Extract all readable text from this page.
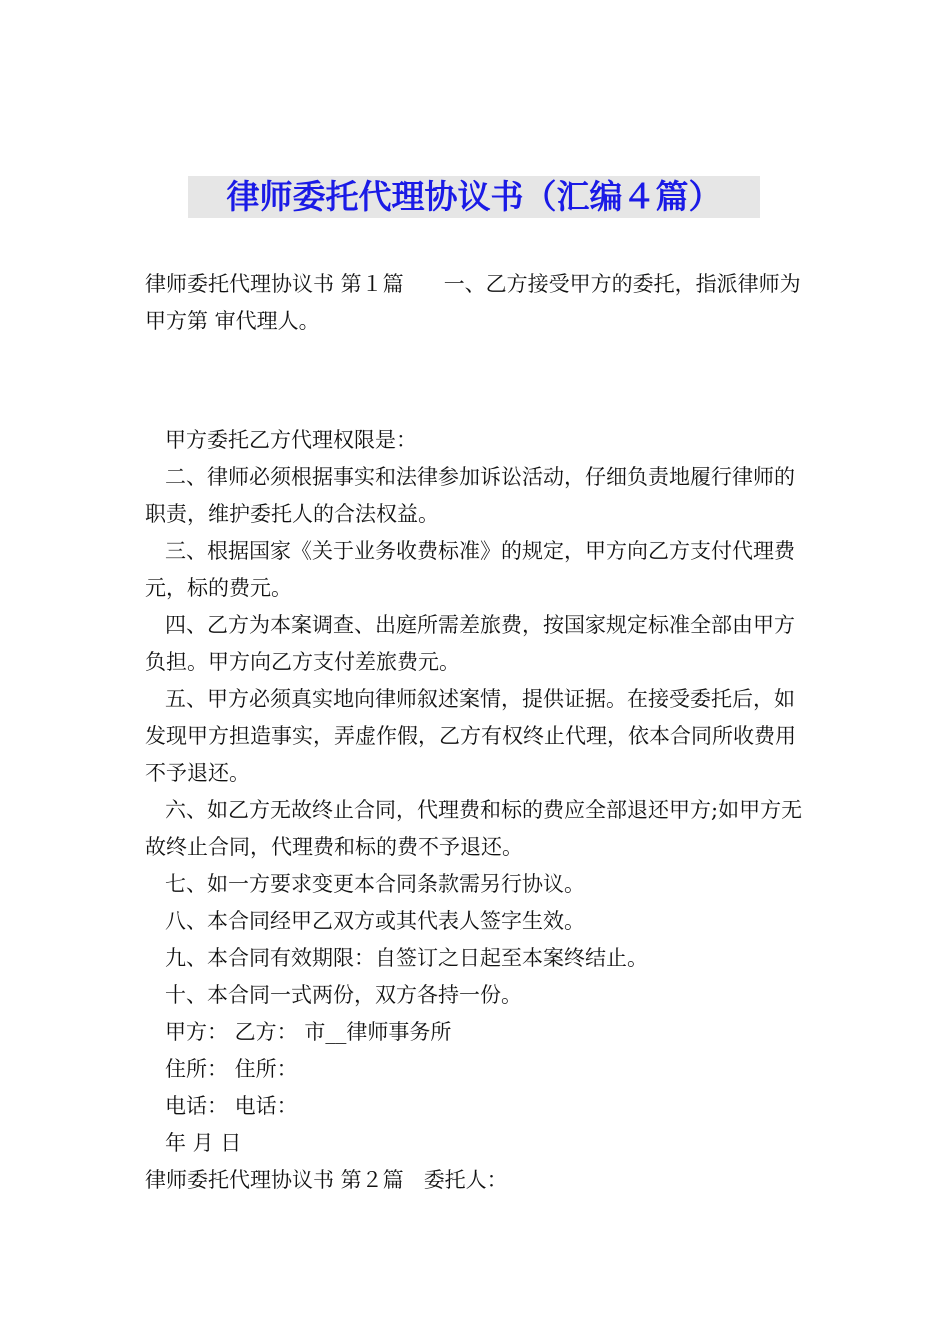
律师委托代理协议书（汇编４篇）

律师委托代理协议书 第１篇 一、乙方接受甲方的委托，指派律师为甲方第 审代理人。

甲方委托乙方代理权限是：

二、律师必须根据事实和法律参加诉讼活动，仔细负责地履行律师的职责，维护委托人的合法权益。

三、根据国家《关于业务收费标准》的规定，甲方向乙方支付代理费元，标的费元。

四、乙方为本案调查、出庭所需差旅费，按国家规定标准全部由甲方负担。甲方向乙方支付差旅费元。

五、甲方必须真实地向律师叙述案情，提供证据。在接受委托后，如发现甲方担造事实，弄虚作假，乙方有权终止代理，依本合同所收费用不予退还。

六、如乙方无故终止合同，代理费和标的费应全部退还甲方;如甲方无故终止合同，代理费和标的费不予退还。

七、如一方要求变更本合同条款需另行协议。

八、本合同经甲乙双方或其代表人签字生效。

九、本合同有效期限：自签订之日起至本案终结止。

十、本合同一式两份，双方各持一份。

甲方： 乙方： 市__律师事务所

住所： 住所：

电话： 电话：

年 月 日

律师委托代理协议书 第２篇 委托人：
